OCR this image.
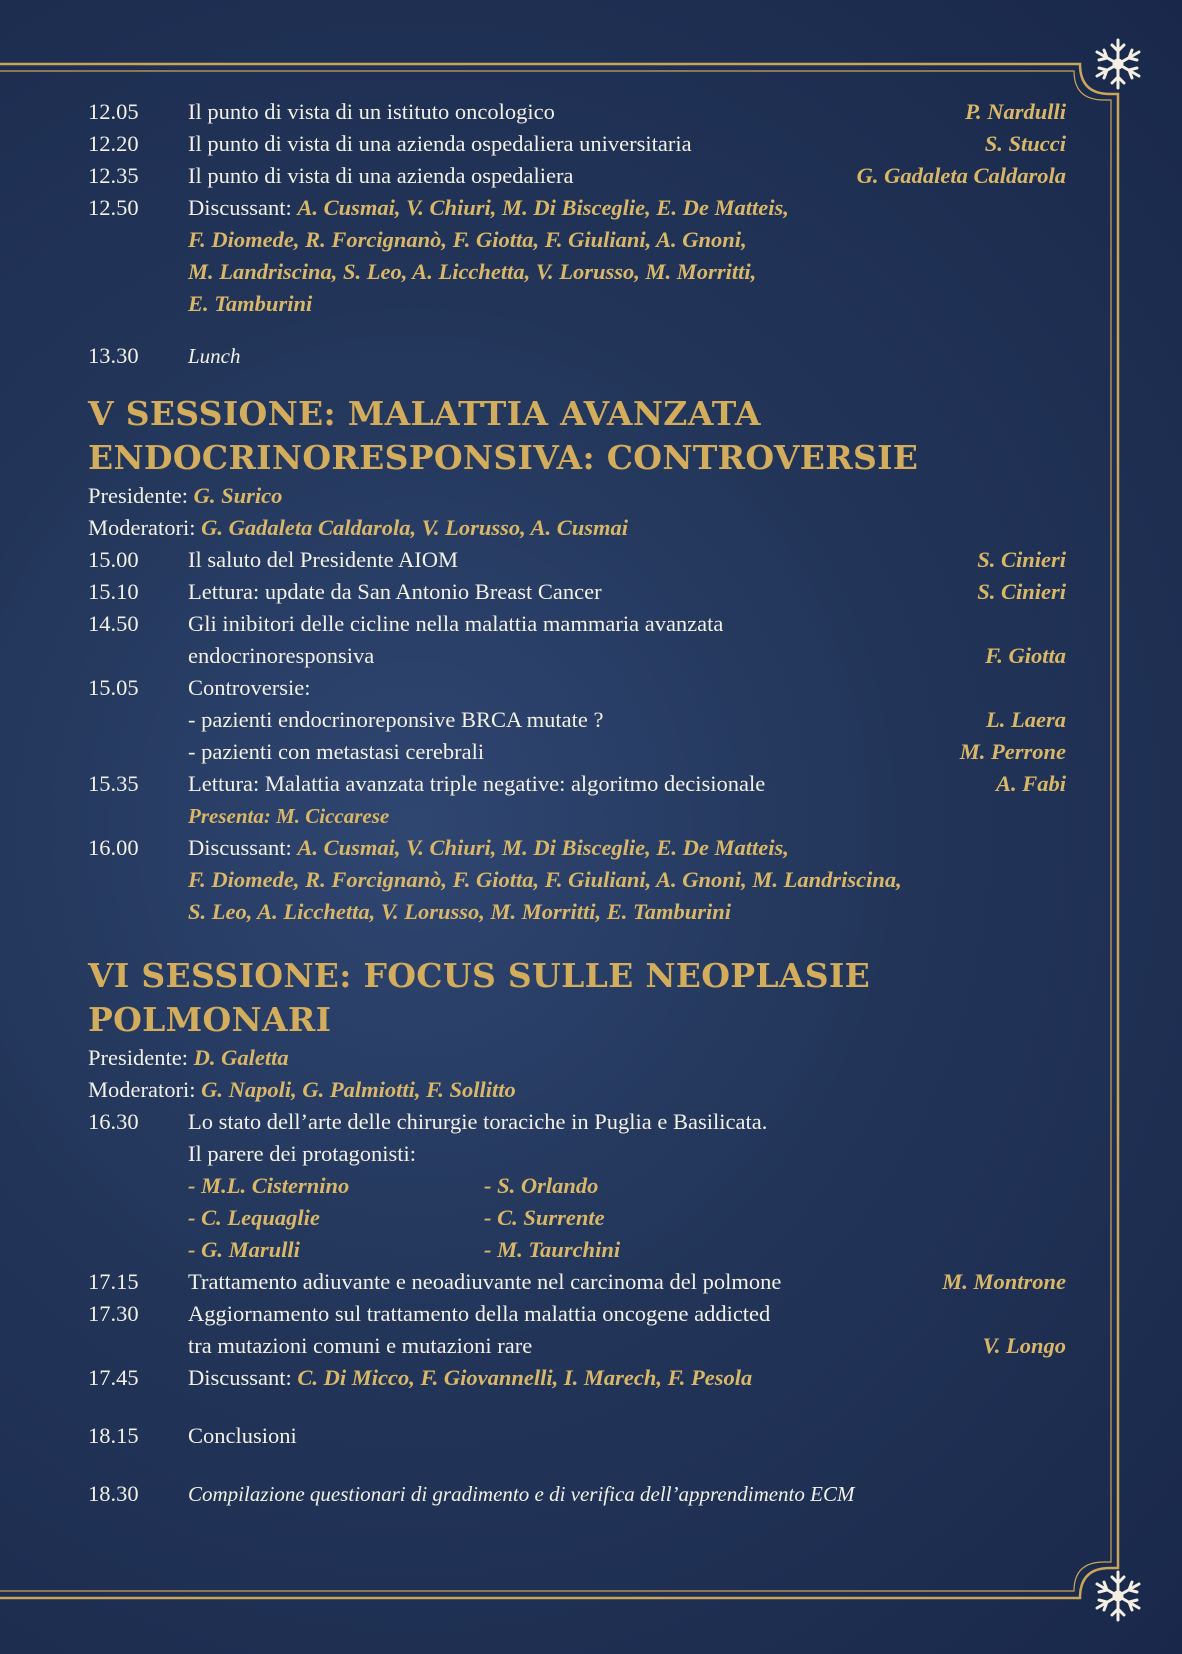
12.05	Il punto di vista di un istituto oncologico	P. Nardulli
12.20	Il punto di vista di una azienda ospedaliera universitaria	S. Stucci
12.35	Il punto di vista di una azienda ospedaliera	G. Gadaleta Caldarola
12.50	Discussant: A. Cusmai, V. Chiuri, M. Di Bisceglie, E. De Matteis,
F. Diomede, R. Forcignanò, F. Giotta, F. Giuliani, A. Gnoni,
M. Landriscina, S. Leo, A. Licchetta, V. Lorusso, M. Morritti,
E. Tamburini
13.30	Lunch
V SESSIONE: MALATTIA AVANZATA
ENDOCRINORESPONSIVA: CONTROVERSIE
Presidente: G. Surico
Moderatori: G. Gadaleta Caldarola, V. Lorusso, A. Cusmai
15.00	Il saluto del Presidente AIOM	S. Cinieri
15.10	Lettura: update da San Antonio Breast Cancer	S. Cinieri
14.50	Gli inibitori delle cicline nella malattia mammaria avanzata
endocrinoresponsiva	F. Giotta
15.05	Controversie:
- pazienti endocrinoreponsive BRCA mutate ?	L. Laera
- pazienti con metastasi cerebrali	M. Perrone
15.35	Lettura: Malattia avanzata triple negative: algoritmo decisionale	A. Fabi
Presenta: M. Ciccarese
16.00	Discussant: A. Cusmai, V. Chiuri, M. Di Bisceglie, E. De Matteis,
F. Diomede, R. Forcignanò, F. Giotta, F. Giuliani, A. Gnoni, M. Landriscina,
S. Leo, A. Licchetta, V. Lorusso, M. Morritti, E. Tamburini
VI SESSIONE: FOCUS SULLE NEOPLASIE
POLMONARI
Presidente: D. Galetta
Moderatori: G. Napoli, G. Palmiotti, F. Sollitto
16.30	Lo stato dell’arte delle chirurgie toraciche in Puglia e Basilicata.
Il parere dei protagonisti:
- M.L. Cisternino	- S. Orlando
- C. Lequaglie	- C. Surrente
- G. Marulli	- M. Taurchini
17.15	Trattamento adiuvante e neoadiuvante nel carcinoma del polmone	M. Montrone
17.30	Aggiornamento sul trattamento della malattia oncogene addicted
tra mutazioni comuni e mutazioni rare	V. Longo
17.45	Discussant: C. Di Micco, F. Giovannelli, I. Marech, F. Pesola
18.15	Conclusioni
18.30	Compilazione questionari di gradimento e di verifica dell’apprendimento ECM
